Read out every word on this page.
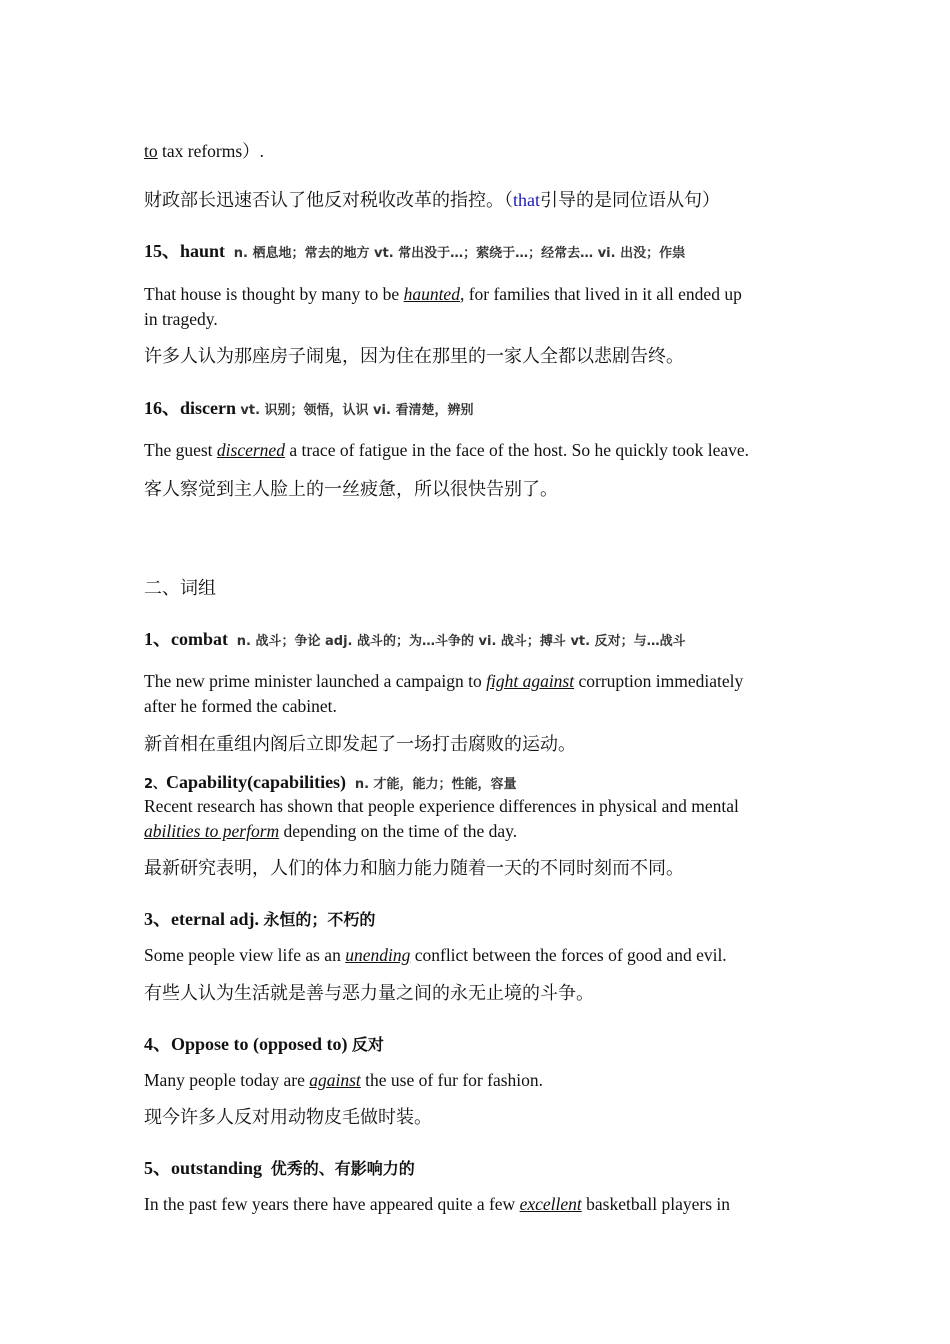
to tax reforms）.
财政部长迅速否认了他反对税收改革的指控。（that引导的是同位语从句）
15、haunt n. 栖息地；常去的地方 vt. 常出没于…；萦绕于…；经常去… vi. 出没；作祟
That house is thought by many to be haunted, for families that lived in it all ended up
in tragedy.
许多人认为那座房子闹鬼，因为住在那里的一家人全都以悲剧告终。
16、discern vt. 识别；领悟，认识 vi. 看清楚，辨别
The guest discerned a trace of fatigue in the face of the host. So he quickly took leave.
客人察觉到主人脸上的一丝疲惫，所以很快告别了。
二、词组
1、combat n. 战斗；争论 adj. 战斗的；为…斗争的 vi. 战斗；搏斗 vt. 反对；与…战斗
The new prime minister launched a campaign to fight against corruption immediately
after he formed the cabinet.
新首相在重组内阁后立即发起了一场打击腐败的运动。
2、Capability(capabilities) n. 才能，能力；性能，容量
Recent research has shown that people experience differences in physical and mental
abilities to perform depending on the time of the day.
最新研究表明，人们的体力和脑力能力随着一天的不同时刻而不同。
3、eternal adj. 永恒的；不朽的
Some people view life as an unending conflict between the forces of good and evil.
有些人认为生活就是善与恶力量之间的永无止境的斗争。
4、Oppose to (opposed to) 反对
Many people today are against the use of fur for fashion.
现今许多人反对用动物皮毛做时装。
5、outstanding 优秀的、有影响力的
In the past few years there have appeared quite a few excellent basketball players in
